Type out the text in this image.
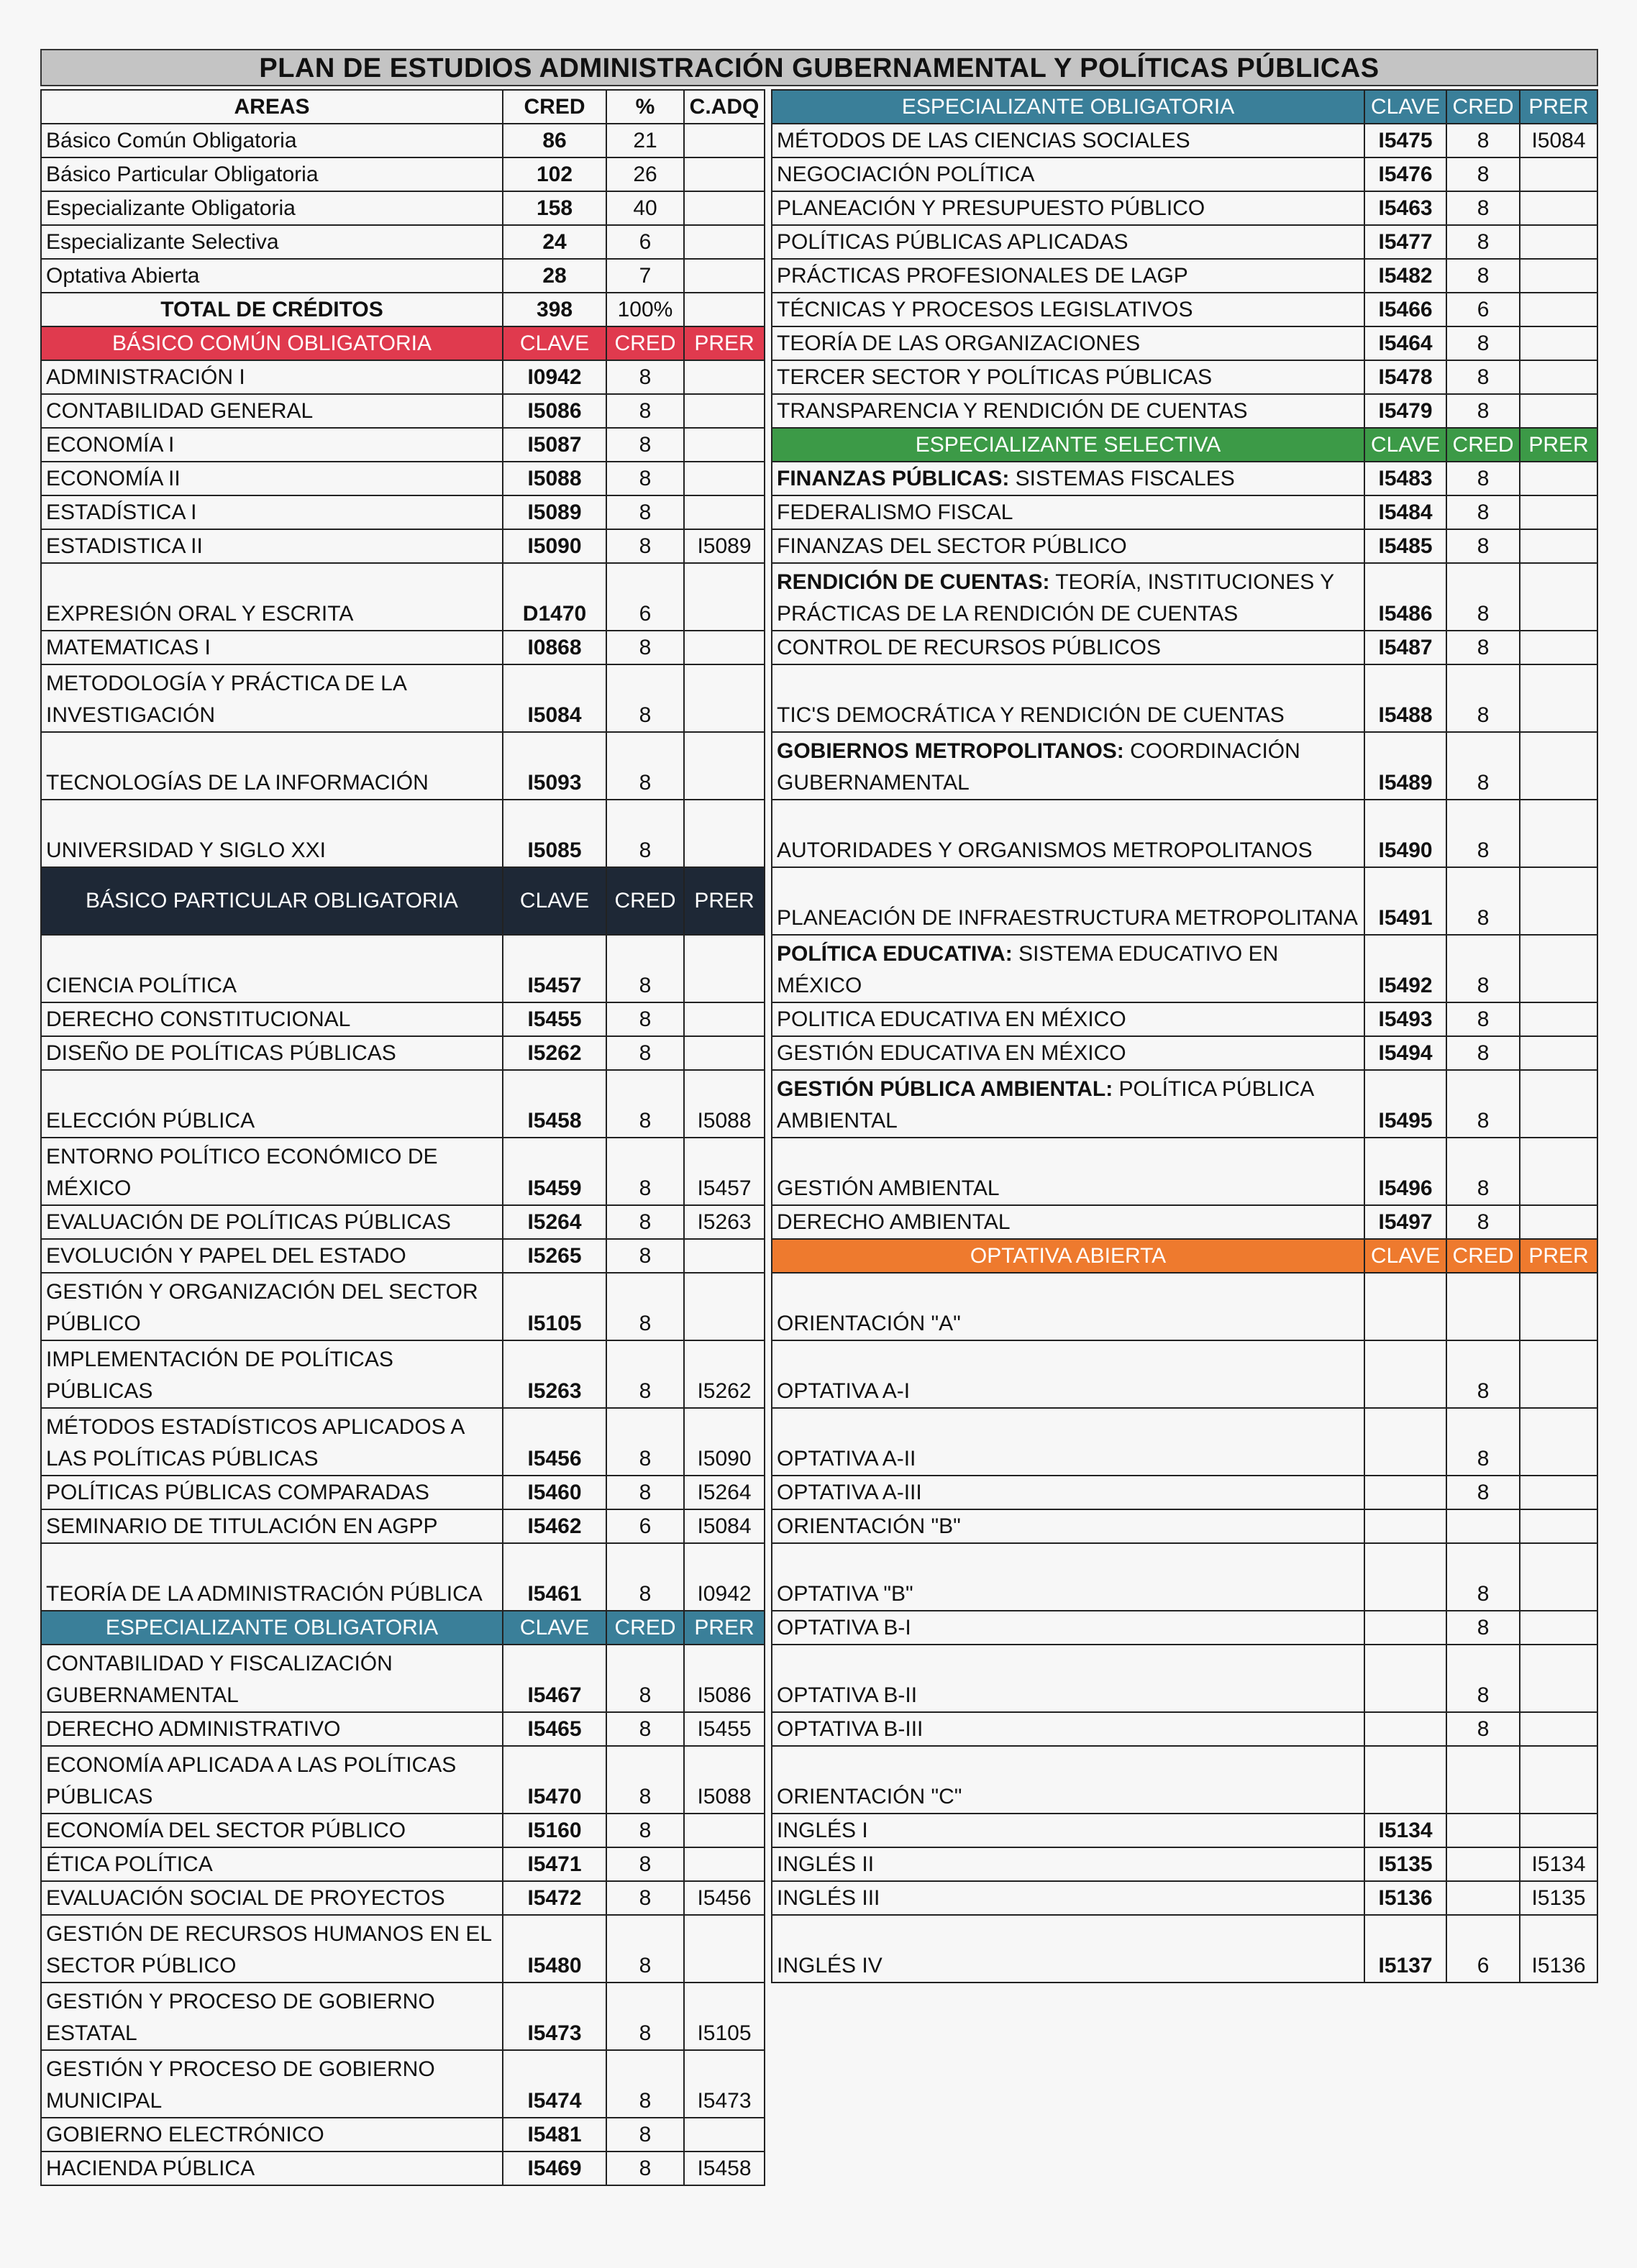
PLAN DE ESTUDIOS ADMINISTRACIÓN GUBERNAMENTAL Y POLÍTICAS PÚBLICAS
AREAS	CRED	%	C.ADQ
Básico Común Obligatoria	86	21	
Básico Particular Obligatoria	102	26	
Especializante Obligatoria	158	40	
Especializante Selectiva	24	6	
Optativa Abierta	28	7	
TOTAL DE CRÉDITOS	398	100%	
BÁSICO COMÚN OBLIGATORIA	CLAVE	CRED	PRER
ADMINISTRACIÓN I	I0942	8	
CONTABILIDAD GENERAL	I5086	8	
ECONOMÍA I	I5087	8	
ECONOMÍA II	I5088	8	
ESTADÍSTICA I	I5089	8	
ESTADISTICA II	I5090	8	I5089
EXPRESIÓN ORAL Y ESCRITA	D1470	6	
MATEMATICAS I	I0868	8	
METODOLOGÍA Y PRÁCTICA DE LA INVESTIGACIÓN	I5084	8	
TECNOLOGÍAS DE LA INFORMACIÓN	I5093	8	
UNIVERSIDAD Y SIGLO XXI	I5085	8	
BÁSICO PARTICULAR OBLIGATORIA	CLAVE	CRED	PRER
CIENCIA POLÍTICA	I5457	8	
DERECHO CONSTITUCIONAL	I5455	8	
DISEÑO DE POLÍTICAS PÚBLICAS	I5262	8	
ELECCIÓN PÚBLICA	I5458	8	I5088
ENTORNO POLÍTICO ECONÓMICO DE MÉXICO	I5459	8	I5457
EVALUACIÓN DE POLÍTICAS PÚBLICAS	I5264	8	I5263
EVOLUCIÓN Y PAPEL DEL ESTADO	I5265	8	
GESTIÓN Y ORGANIZACIÓN DEL SECTOR PÚBLICO	I5105	8	
IMPLEMENTACIÓN DE POLÍTICAS PÚBLICAS	I5263	8	I5262
MÉTODOS ESTADÍSTICOS APLICADOS A LAS POLÍTICAS PÚBLICAS	I5456	8	I5090
POLÍTICAS PÚBLICAS COMPARADAS	I5460	8	I5264
SEMINARIO DE TITULACIÓN EN AGPP	I5462	6	I5084
TEORÍA DE LA ADMINISTRACIÓN PÚBLICA	I5461	8	I0942
ESPECIALIZANTE OBLIGATORIA	CLAVE	CRED	PRER
CONTABILIDAD Y FISCALIZACIÓN GUBERNAMENTAL	I5467	8	I5086
DERECHO ADMINISTRATIVO	I5465	8	I5455
ECONOMÍA APLICADA A LAS POLÍTICAS PÚBLICAS	I5470	8	I5088
ECONOMÍA DEL SECTOR PÚBLICO	I5160	8	
ÉTICA POLÍTICA	I5471	8	
EVALUACIÓN SOCIAL DE PROYECTOS	I5472	8	I5456
GESTIÓN DE RECURSOS HUMANOS EN EL SECTOR PÚBLICO	I5480	8	
GESTIÓN Y PROCESO DE GOBIERNO ESTATAL	I5473	8	I5105
GESTIÓN Y PROCESO DE GOBIERNO MUNICIPAL	I5474	8	I5473
GOBIERNO ELECTRÓNICO	I5481	8	
HACIENDA PÚBLICA	I5469	8	I5458
ESPECIALIZANTE OBLIGATORIA	CLAVE	CRED	PRER
MÉTODOS DE LAS CIENCIAS SOCIALES	I5475	8	I5084
NEGOCIACIÓN POLÍTICA	I5476	8	
PLANEACIÓN Y PRESUPUESTO PÚBLICO	I5463	8	
POLÍTICAS PÚBLICAS APLICADAS	I5477	8	
PRÁCTICAS PROFESIONALES DE LAGP	I5482	8	
TÉCNICAS Y PROCESOS LEGISLATIVOS	I5466	6	
TEORÍA DE LAS ORGANIZACIONES	I5464	8	
TERCER SECTOR Y POLÍTICAS PÚBLICAS	I5478	8	
TRANSPARENCIA Y RENDICIÓN DE CUENTAS	I5479	8	
ESPECIALIZANTE SELECTIVA	CLAVE	CRED	PRER
FINANZAS PÚBLICAS: SISTEMAS FISCALES	I5483	8	
FEDERALISMO FISCAL	I5484	8	
FINANZAS DEL SECTOR PÚBLICO	I5485	8	
RENDICIÓN DE CUENTAS: TEORÍA, INSTITUCIONES Y PRÁCTICAS DE LA RENDICIÓN DE CUENTAS	I5486	8	
CONTROL DE RECURSOS PÚBLICOS	I5487	8	
TIC'S DEMOCRÁTICA Y RENDICIÓN DE CUENTAS	I5488	8	
GOBIERNOS METROPOLITANOS: COORDINACIÓN GUBERNAMENTAL	I5489	8	
AUTORIDADES Y ORGANISMOS METROPOLITANOS	I5490	8	
PLANEACIÓN DE INFRAESTRUCTURA METROPOLITANA	I5491	8	
POLÍTICA EDUCATIVA: SISTEMA EDUCATIVO EN MÉXICO	I5492	8	
POLITICA EDUCATIVA EN MÉXICO	I5493	8	
GESTIÓN EDUCATIVA EN MÉXICO	I5494	8	
GESTIÓN PÚBLICA AMBIENTAL: POLÍTICA PÚBLICA AMBIENTAL	I5495	8	
GESTIÓN AMBIENTAL	I5496	8	
DERECHO AMBIENTAL	I5497	8	
OPTATIVA ABIERTA	CLAVE	CRED	PRER
ORIENTACIÓN "A"			
OPTATIVA A-I		8	
OPTATIVA A-II		8	
OPTATIVA A-III		8	
ORIENTACIÓN "B"			
OPTATIVA "B"		8	
OPTATIVA B-I		8	
OPTATIVA B-II		8	
OPTATIVA B-III		8	
ORIENTACIÓN "C"			
INGLÉS I	I5134		
INGLÉS II	I5135		I5134
INGLÉS III	I5136		I5135
INGLÉS IV	I5137	6	I5136
